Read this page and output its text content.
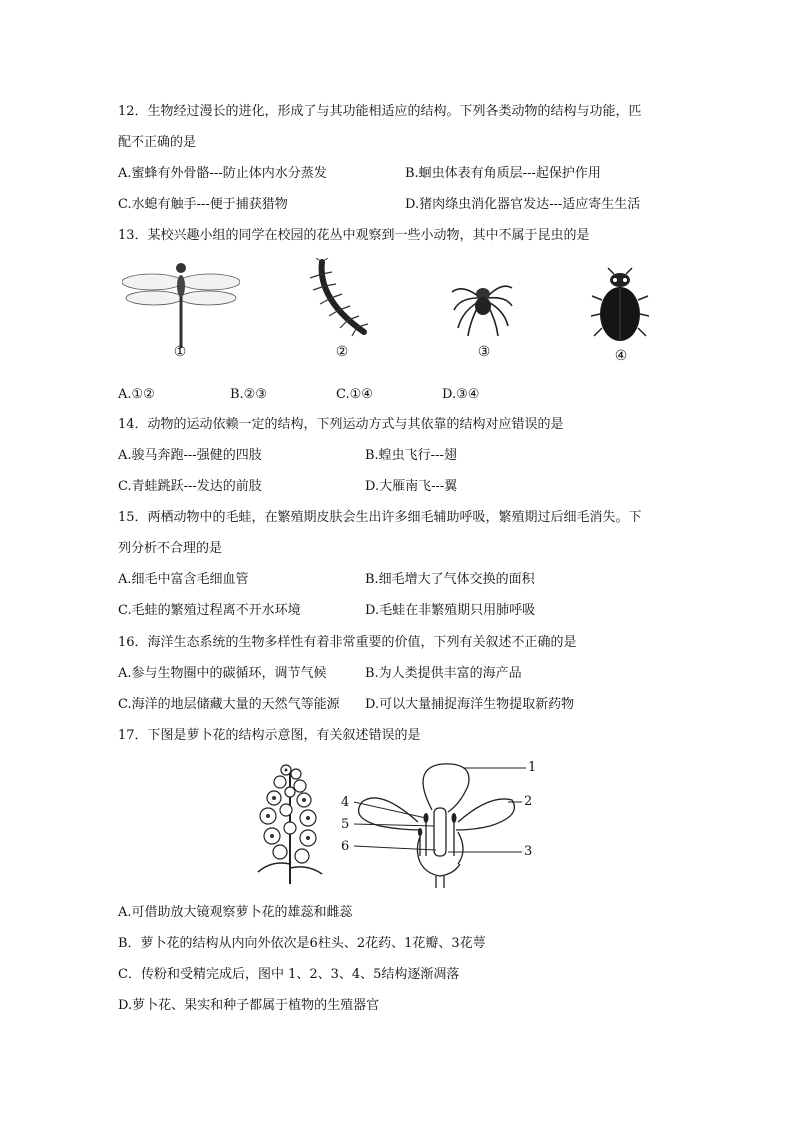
12．生物经过漫长的进化，形成了与其功能相适应的结构。下列各类动物的结构与功能，匹
配不正确的是
A.蜜蜂有外骨骼---防止体内水分蒸发	B.蛔虫体表有角质层---起保护作用
C.水螅有触手---便于捕获猎物	D.猪肉绦虫消化器官发达---适应寄生生活
13．某校兴趣小组的同学在校园的花丛中观察到一些小动物，其中不属于昆虫的是
①	②	③	④
A.①②	B.②③	C.①④	D.③④
14．动物的运动依赖一定的结构，下列运动方式与其依靠的结构对应错误的是
A.骏马奔跑---强健的四肢	B.蝗虫飞行---翅
C.青蛙跳跃---发达的前肢	D.大雁南飞---翼
15．两栖动物中的毛蛙，在繁殖期皮肤会生出许多细毛辅助呼吸，繁殖期过后细毛消失。下
列分析不合理的是
A.细毛中富含毛细血管	B.细毛增大了气体交换的面积
C.毛蛙的繁殖过程离不开水环境	D.毛蛙在非繁殖期只用肺呼吸
16．海洋生态系统的生物多样性有着非常重要的价值，下列有关叙述不正确的是
A.参与生物圈中的碳循环，调节气候	B.为人类提供丰富的海产品
C.海洋的地层储藏大量的天然气等能源 D.可以大量捕捉海洋生物提取新药物
17．下图是萝卜花的结构示意图，有关叙述错误的是
1
2
3
4
5
6
A.可借助放大镜观察萝卜花的雄蕊和雌蕊
B．萝卜花的结构从内向外依次是6柱头、2花药、1花瓣、3花萼
C．传粉和受精完成后，图中 1、2、3、4、5结构逐渐凋落
D.萝卜花、果实和种子都属于植物的生殖器官
